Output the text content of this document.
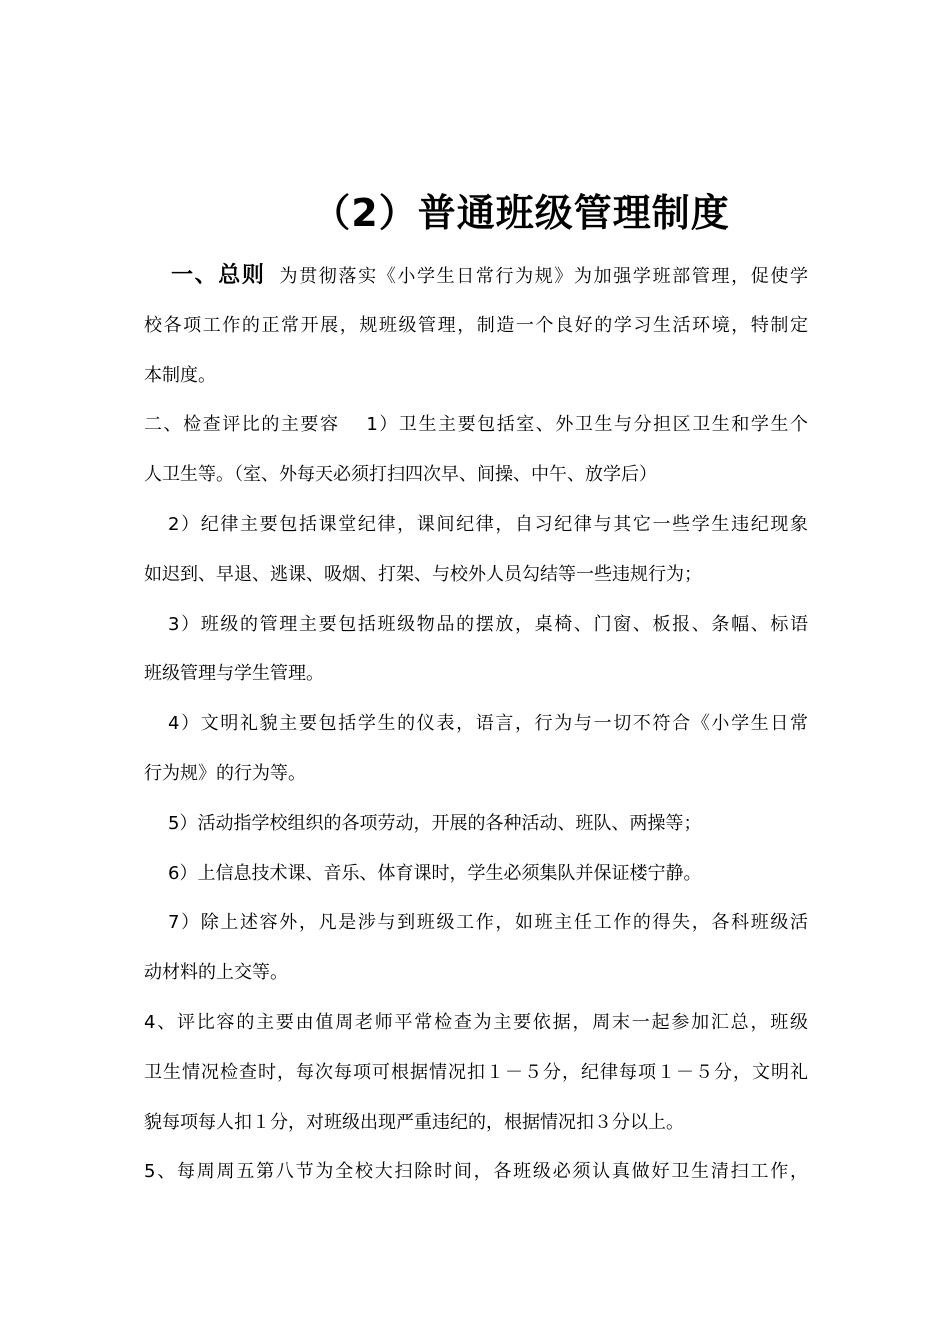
（2）普通班级管理制度
一、总则 为贯彻落实《小学生日常行为规》为加强学班部管理，促使学
校各项工作的正常开展，规班级管理，制造一个良好的学习生活环境，特制定
本制度。
二、检查评比的主要容　 1）卫生主要包括室、外卫生与分担区卫生和学生个
人卫生等。（室、外每天必须打扫四次早、间操、中午、放学后）
2）纪律主要包括课堂纪律，课间纪律，自习纪律与其它一些学生违纪现象
如迟到、早退、逃课、吸烟、打架、与校外人员勾结等一些违规行为；
3）班级的管理主要包括班级物品的摆放，桌椅、门窗、板报、条幅、标语
班级管理与学生管理。
4）文明礼貌主要包括学生的仪表，语言，行为与一切不符合《小学生日常
行为规》的行为等。
5）活动指学校组织的各项劳动，开展的各种活动、班队、两操等；
6）上信息技术课、音乐、体育课时，学生必须集队并保证楼宁静。
7）除上述容外，凡是涉与到班级工作，如班主任工作的得失，各科班级活
动材料的上交等。
4、评比容的主要由值周老师平常检查为主要依据，周末一起参加汇总，班级
卫生情况检查时，每次每项可根据情况扣１－５分，纪律每项１－５分，文明礼
貌每项每人扣１分，对班级出现严重违纪的，根据情况扣３分以上。
5、每周周五第八节为全校大扫除时间，各班级必须认真做好卫生清扫工作，
